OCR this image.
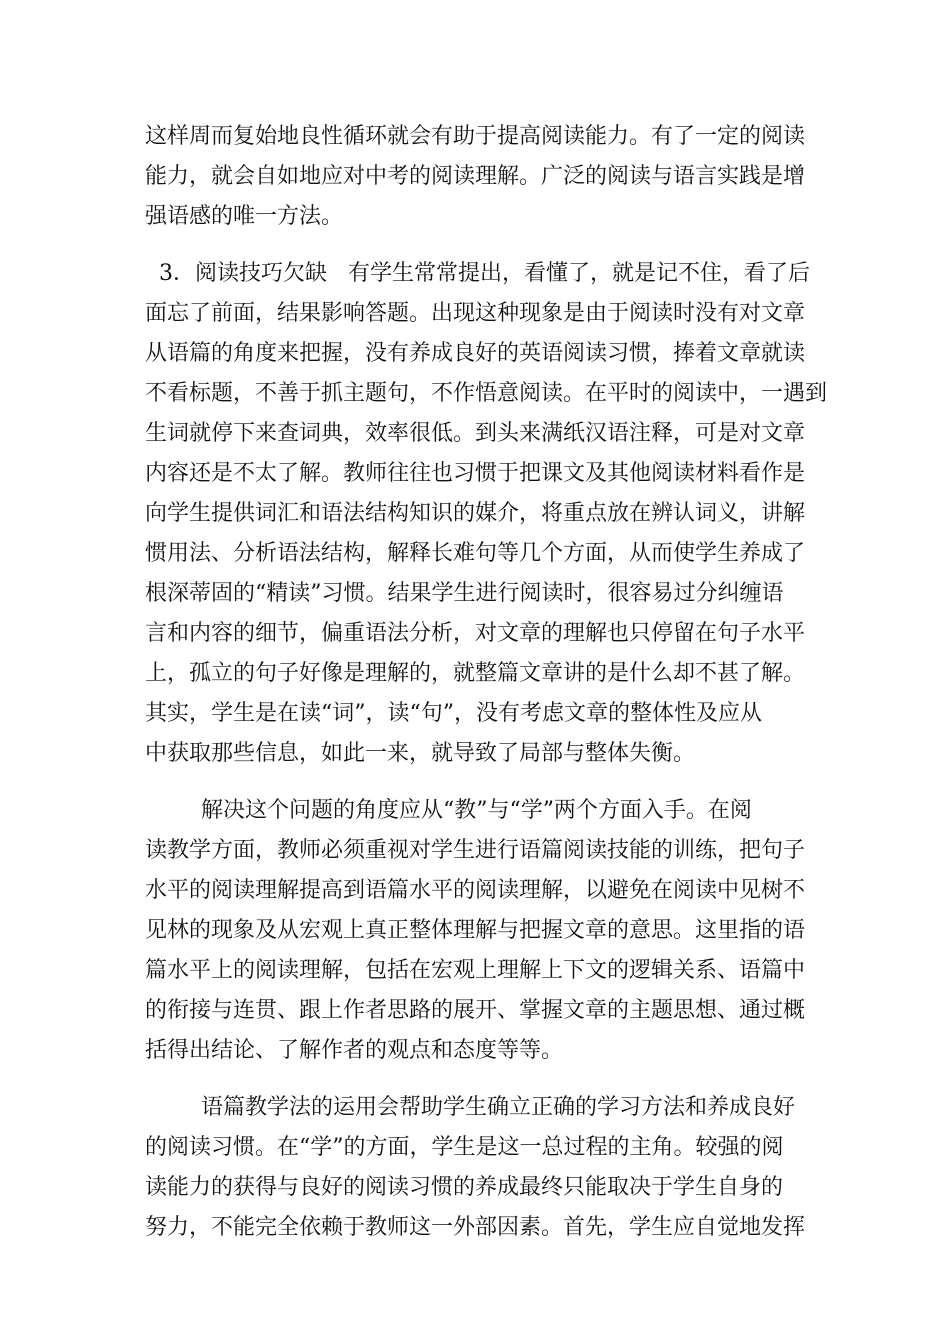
这样周而复始地良性循环就会有助于提高阅读能力。有了一定的阅读

能力，就会自如地应对中考的阅读理解。广泛的阅读与语言实践是增

强语感的唯一方法。

3．阅读技巧欠缺   有学生常常提出，看懂了，就是记不住，看了后

面忘了前面，结果影响答题。出现这种现象是由于阅读时没有对文章

从语篇的角度来把握，没有养成良好的英语阅读习惯，捧着文章就读

不看标题，不善于抓主题句，不作悟意阅读。在平时的阅读中，一遇到

生词就停下来查词典，效率很低。到头来满纸汉语注释，可是对文章

内容还是不太了解。教师往往也习惯于把课文及其他阅读材料看作是

向学生提供词汇和语法结构知识的媒介，将重点放在辨认词义，讲解

惯用法、分析语法结构，解释长难句等几个方面，从而使学生养成了

根深蒂固的“精读”习惯。结果学生进行阅读时，很容易过分纠缠语

言和内容的细节，偏重语法分析，对文章的理解也只停留在句子水平

上，孤立的句子好像是理解的，就整篇文章讲的是什么却不甚了解。

其实，学生是在读“词”，读“句”，没有考虑文章的整体性及应从

中获取那些信息，如此一来，就导致了局部与整体失衡。

解决这个问题的角度应从“教”与“学”两个方面入手。在阅

读教学方面，教师必须重视对学生进行语篇阅读技能的训练，把句子

水平的阅读理解提高到语篇水平的阅读理解，以避免在阅读中见树不

见林的现象及从宏观上真正整体理解与把握文章的意思。这里指的语

篇水平上的阅读理解，包括在宏观上理解上下文的逻辑关系、语篇中

的衔接与连贯、跟上作者思路的展开、掌握文章的主题思想、通过概

括得出结论、了解作者的观点和态度等等。

语篇教学法的运用会帮助学生确立正确的学习方法和养成良好

的阅读习惯。在“学”的方面，学生是这一总过程的主角。较强的阅

读能力的获得与良好的阅读习惯的养成最终只能取决于学生自身的

努力，不能完全依赖于教师这一外部因素。首先，学生应自觉地发挥
